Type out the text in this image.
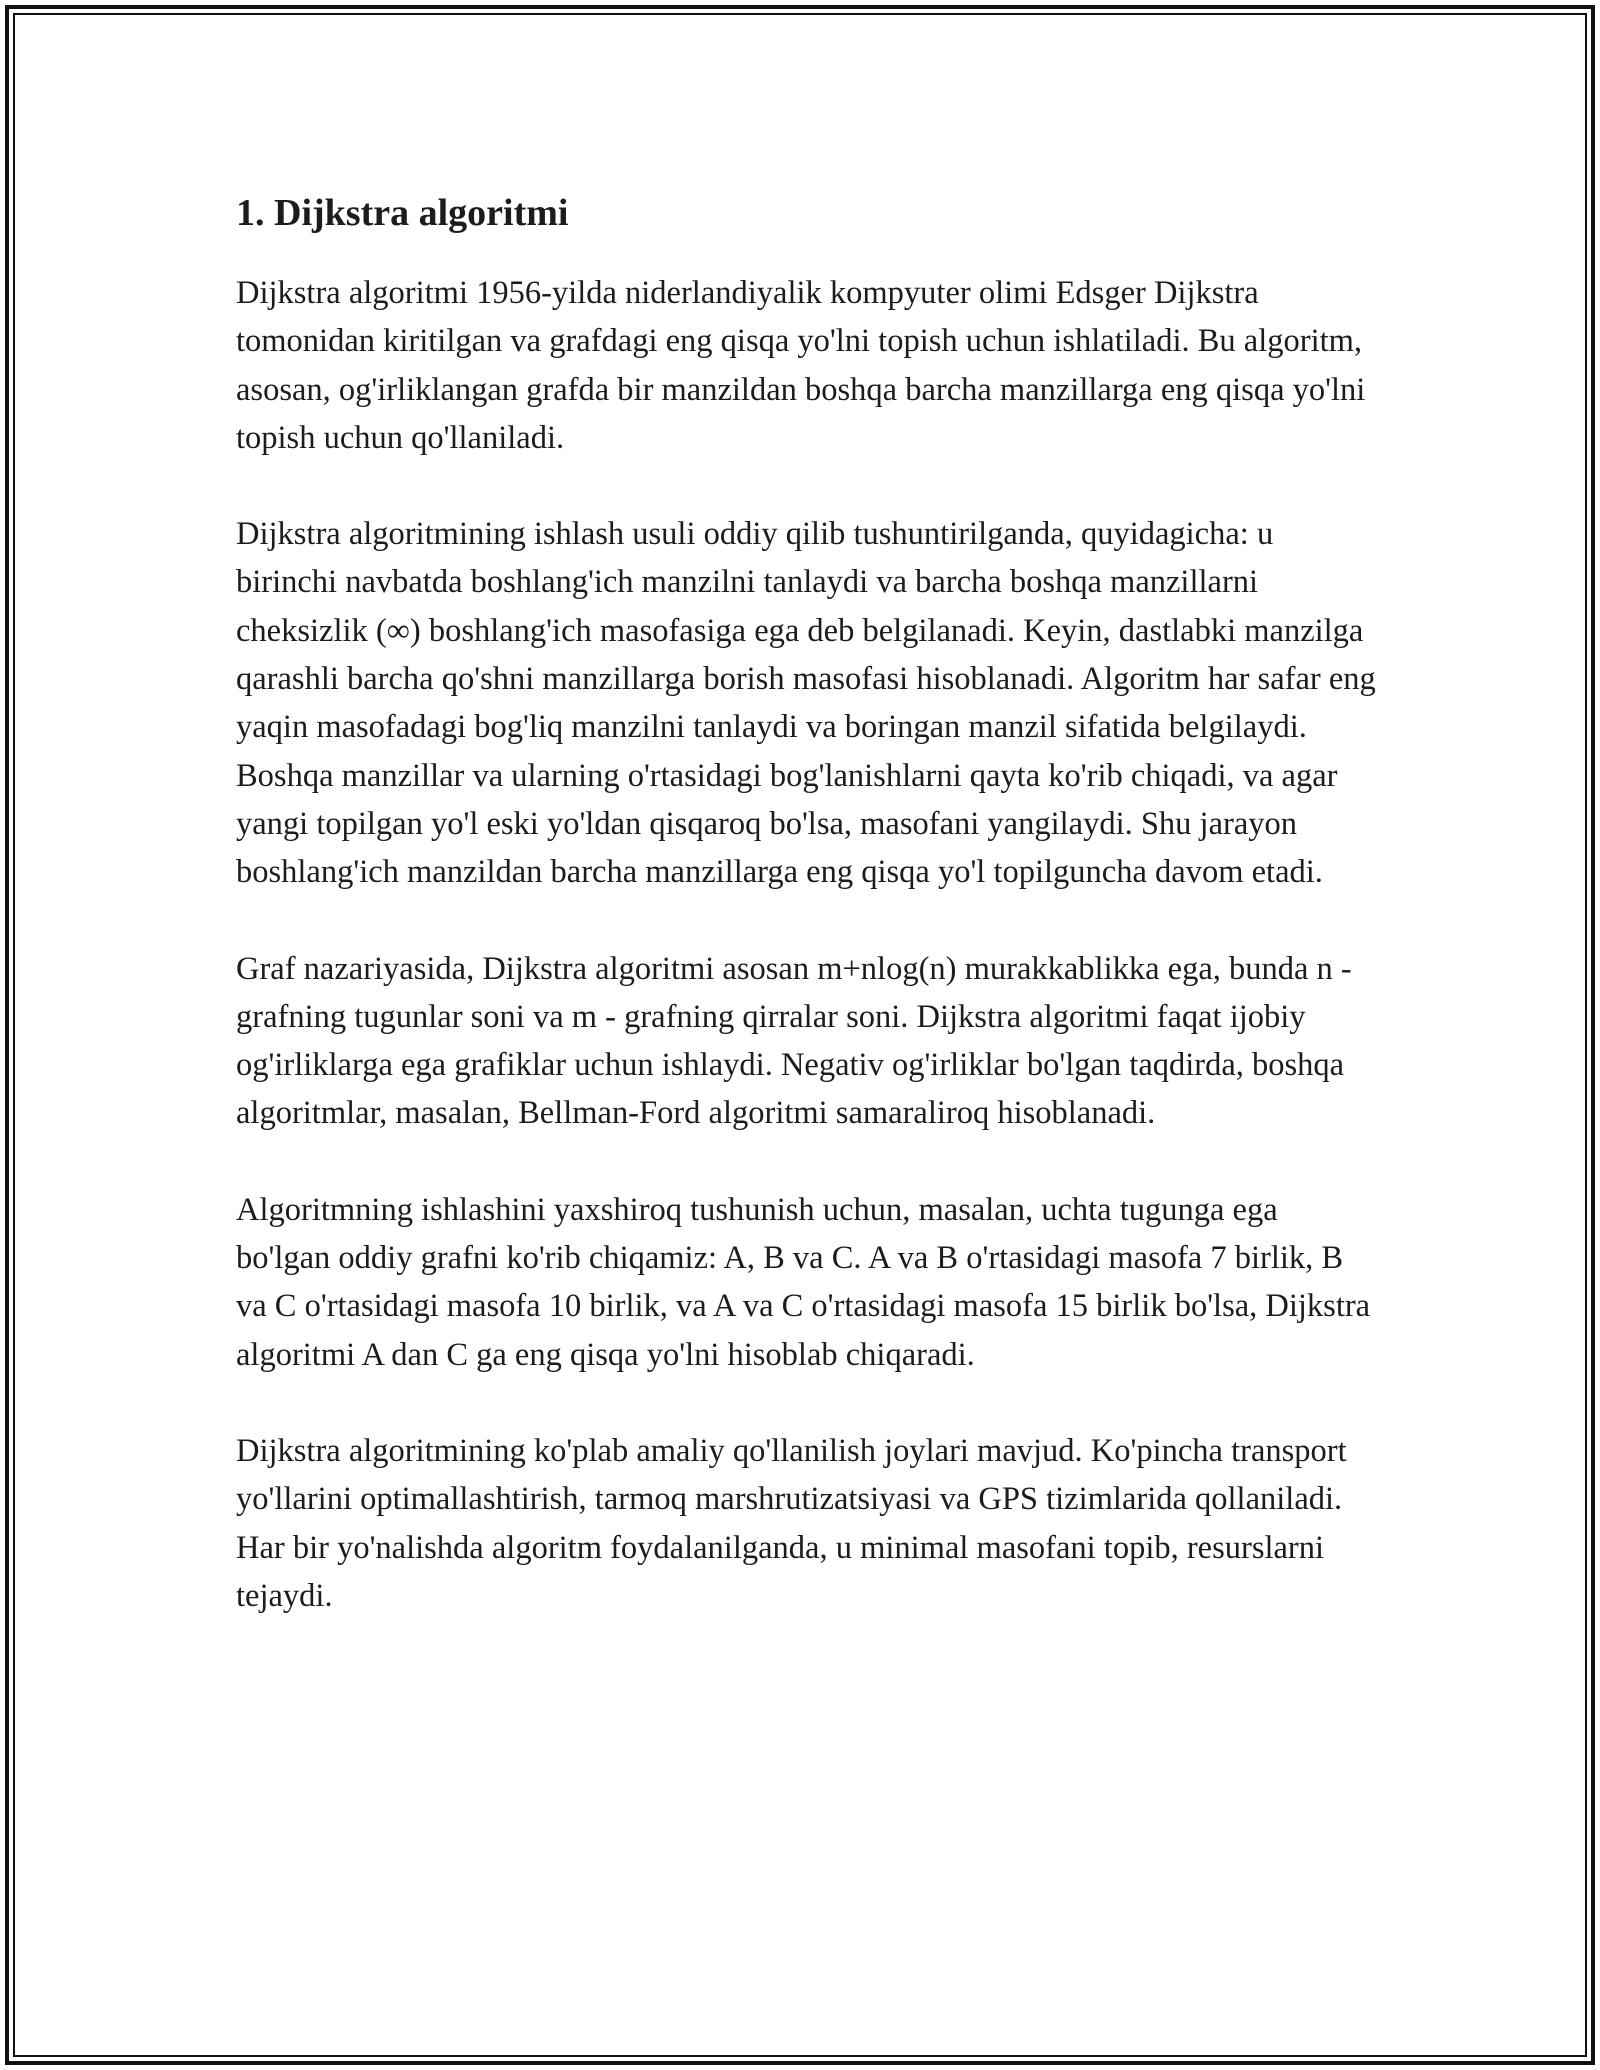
1. Dijkstra algoritmi

Dijkstra algoritmi 1956-yilda niderlandiyalik kompyuter olimi Edsger Dijkstra tomonidan kiritilgan va grafdagi eng qisqa yo'lni topish uchun ishlatiladi. Bu algoritm, asosan, og'irliklangan grafda bir manzildan boshqa barcha manzillarga eng qisqa yo'lni topish uchun qo'llaniladi.

Dijkstra algoritmining ishlash usuli oddiy qilib tushuntirilganda, quyidagicha: u birinchi navbatda boshlang'ich manzilni tanlaydi va barcha boshqa manzillarni cheksizlik (∞) boshlang'ich masofasiga ega deb belgilanadi. Keyin, dastlabki manzilga qarashli barcha qo'shni manzillarga borish masofasi hisoblanadi. Algoritm har safar eng yaqin masofadagi bog'liq manzilni tanlaydi va boringan manzil sifatida belgilaydi. Boshqa manzillar va ularning o'rtasidagi bog'lanishlarni qayta ko'rib chiqadi, va agar yangi topilgan yo'l eski yo'ldan qisqaroq bo'lsa, masofani yangilaydi. Shu jarayon boshlang'ich manzildan barcha manzillarga eng qisqa yo'l topilguncha davom etadi.

Graf nazariyasida, Dijkstra algoritmi asosan m+nlog(n) murakkablikka ega, bunda n - grafning tugunlar soni va m - grafning qirralar soni. Dijkstra algoritmi faqat ijobiy og'irliklarga ega grafiklar uchun ishlaydi. Negativ og'irliklar bo'lgan taqdirda, boshqa algoritmlar, masalan, Bellman-Ford algoritmi samaraliroq hisoblanadi.

Algoritmning ishlashini yaxshiroq tushunish uchun, masalan, uchta tugunga ega bo'lgan oddiy grafni ko'rib chiqamiz: A, B va C. A va B o'rtasidagi masofa 7 birlik, B va C o'rtasidagi masofa 10 birlik, va A va C o'rtasidagi masofa 15 birlik bo'lsa, Dijkstra algoritmi A dan C ga eng qisqa yo'lni hisoblab chiqaradi.

Dijkstra algoritmining ko'plab amaliy qo'llanilish joylari mavjud. Ko'pincha transport yo'llarini optimallashtirish, tarmoq marshrutizatsiyasi va GPS tizimlarida qollaniladi. Har bir yo'nalishda algoritm foydalanilganda, u minimal masofani topib, resurslarni tejaydi.
